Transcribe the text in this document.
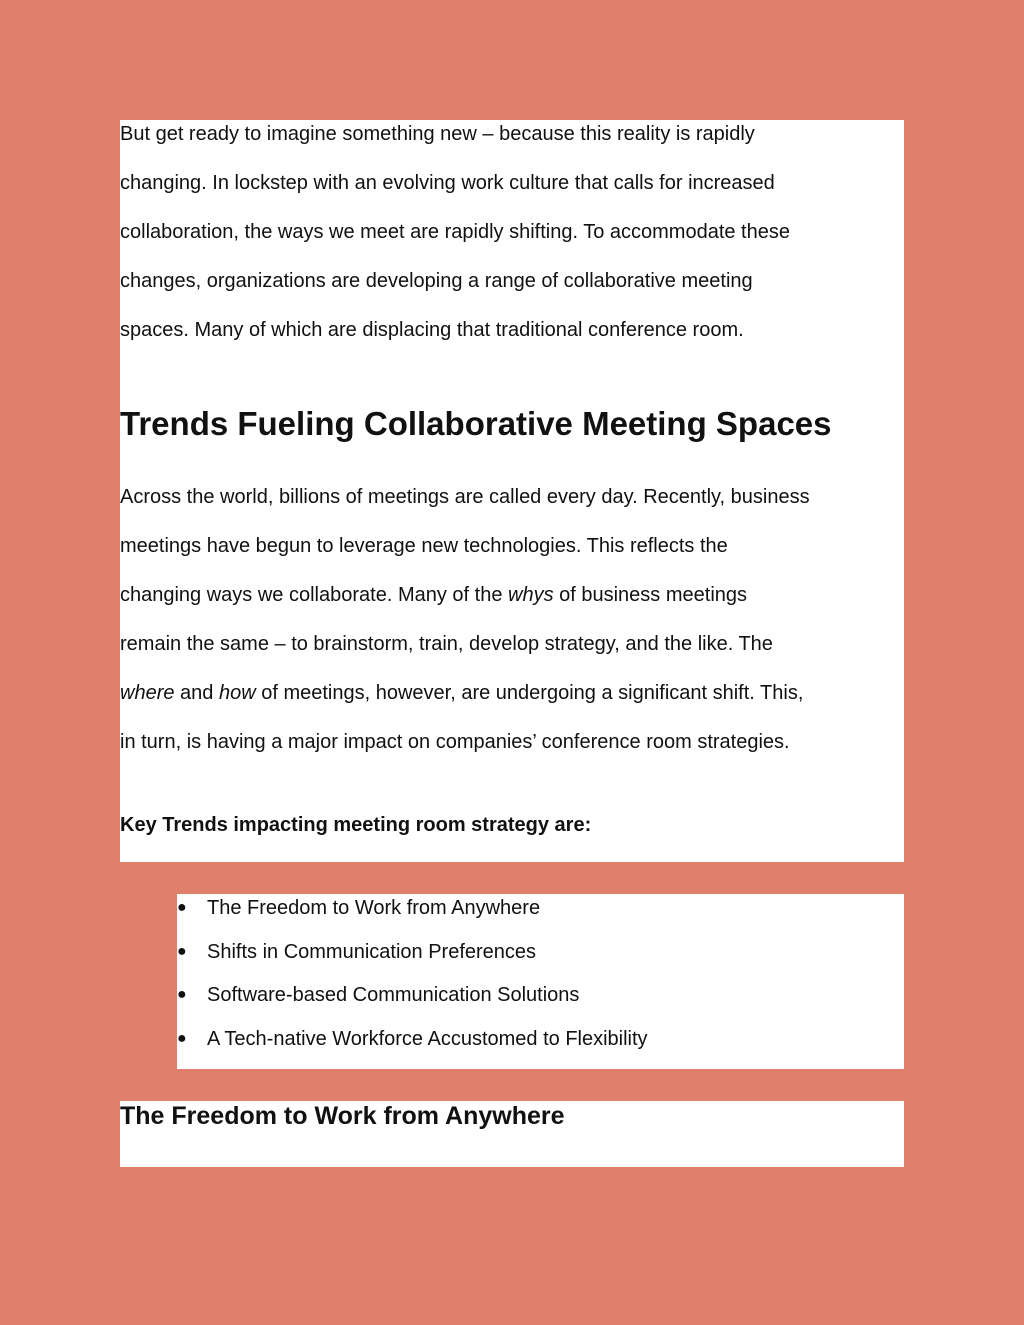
But get ready to imagine something new – because this reality is rapidly
changing. In lockstep with an evolving work culture that calls for increased
collaboration, the ways we meet are rapidly shifting. To accommodate these
changes, organizations are developing a range of collaborative meeting
spaces. Many of which are displacing that traditional conference room.

Trends Fueling Collaborative Meeting Spaces

Across the world, billions of meetings are called every day. Recently, business
meetings have begun to leverage new technologies. This reflects the
changing ways we collaborate. Many of the whys of business meetings
remain the same – to brainstorm, train, develop strategy, and the like. The
where and how of meetings, however, are undergoing a significant shift. This,
in turn, is having a major impact on companies’ conference room strategies.

Key Trends impacting meeting room strategy are:

●	The Freedom to Work from Anywhere
●	Shifts in Communication Preferences
●	Software-based Communication Solutions
●	A Tech-native Workforce Accustomed to Flexibility
The Freedom to Work from Anywhere
